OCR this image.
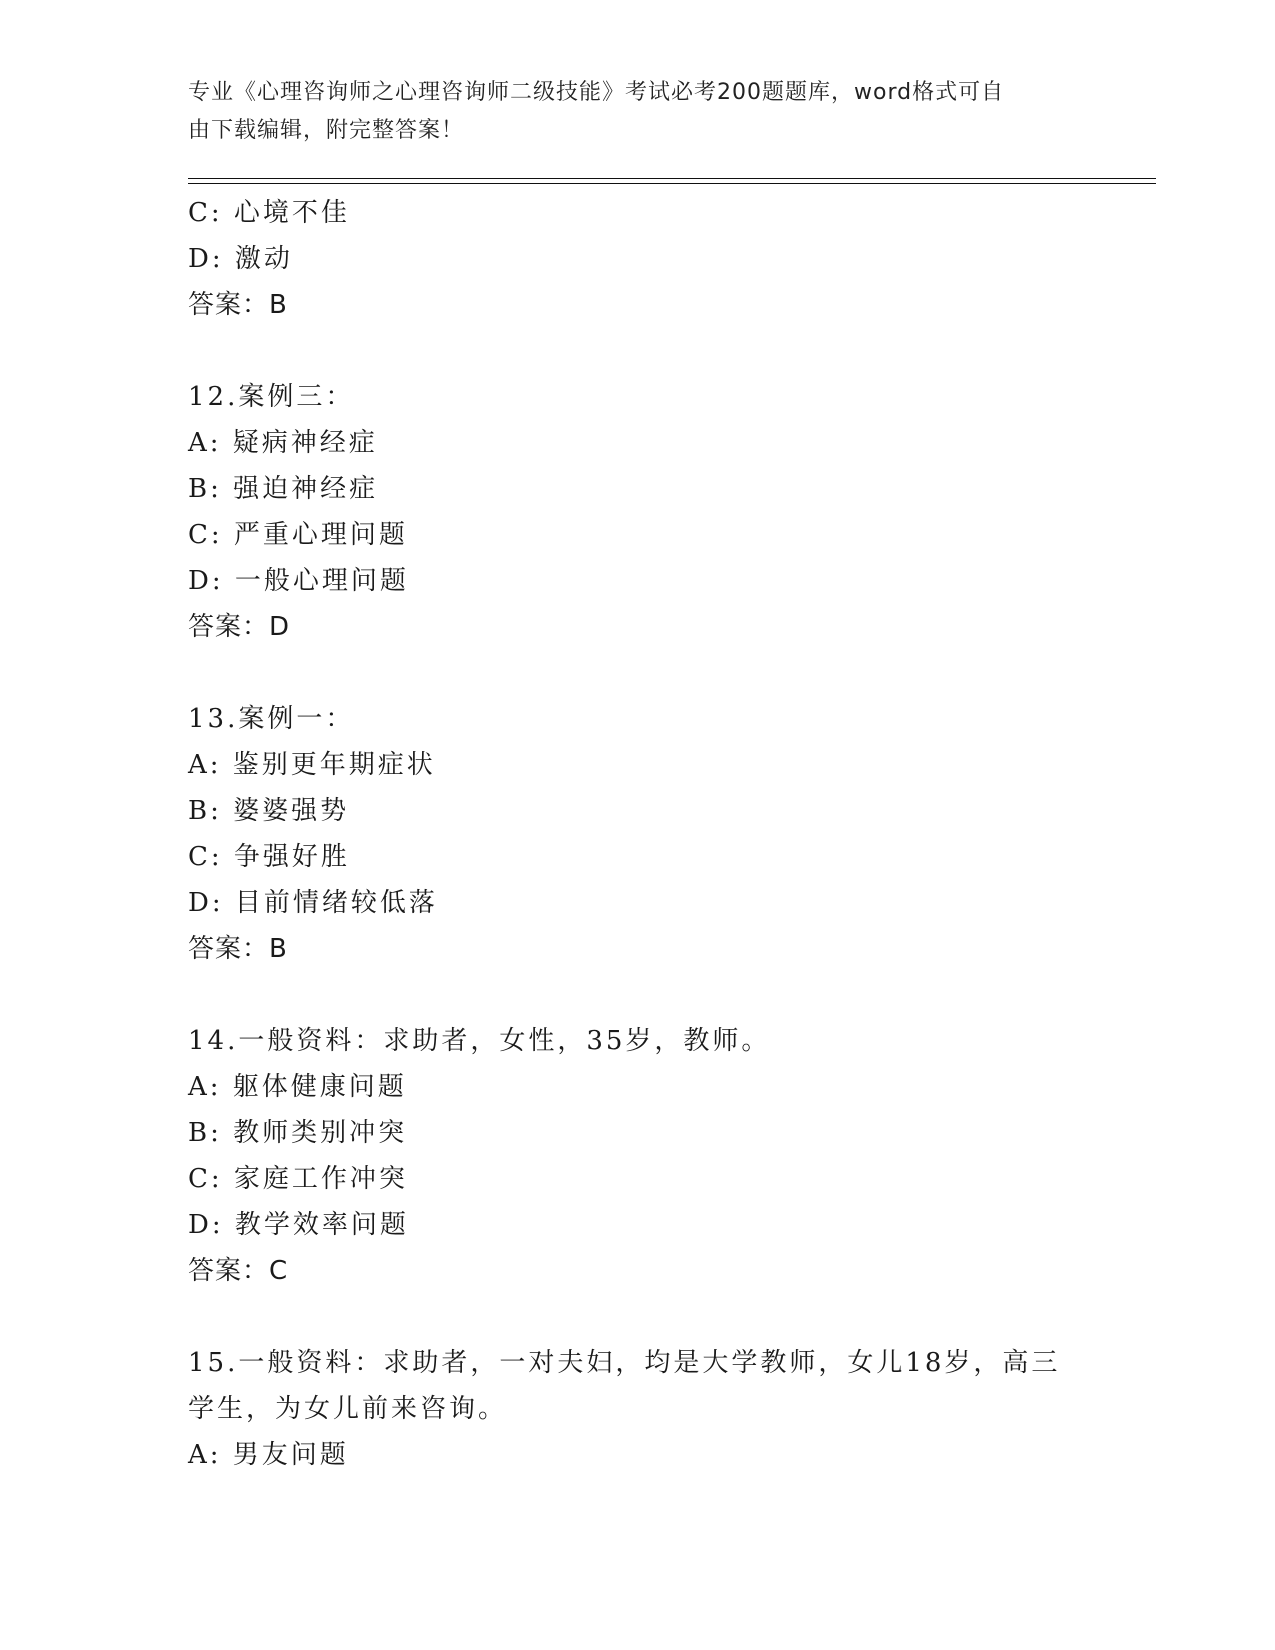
专业《心理咨询师之心理咨询师二级技能》考试必考200题题库，word格式可自
由下载编辑，附完整答案！
C: 心境不佳
D: 激动
答案：B
12.案例三：
A: 疑病神经症
B: 强迫神经症
C: 严重心理问题
D: 一般心理问题
答案：D
13.案例一：
A: 鉴别更年期症状
B: 婆婆强势
C: 争强好胜
D: 目前情绪较低落
答案：B
14.一般资料：求助者，女性，35岁，教师。
A: 躯体健康问题
B: 教师类别冲突
C: 家庭工作冲突
D: 教学效率问题
答案：C
15.一般资料：求助者，一对夫妇，均是大学教师，女儿18岁，高三
学生，为女儿前来咨询。
A: 男友问题
